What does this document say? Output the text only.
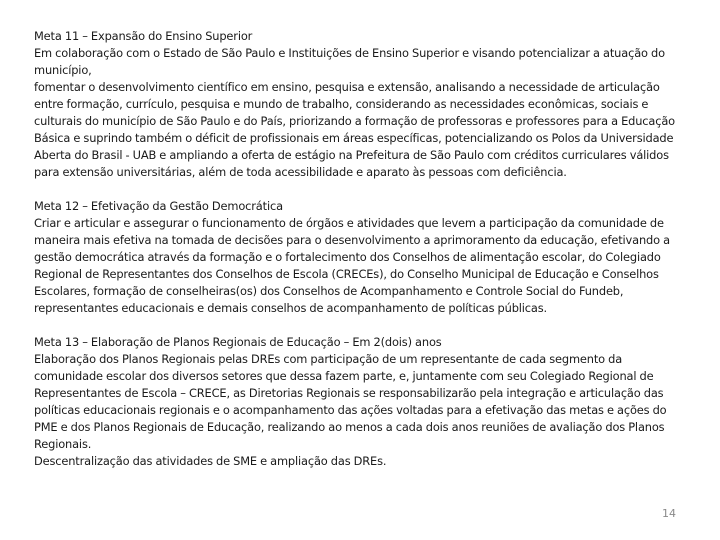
Meta 11 – Expansão do Ensino Superior

Em colaboração com o Estado de São Paulo e Instituições de Ensino Superior e visando potencializar a atuação do município,

fomentar o desenvolvimento científico em ensino, pesquisa e extensão, analisando a necessidade de articulação entre formação, currículo, pesquisa e mundo de trabalho, considerando as necessidades econômicas, sociais e culturais do município de São Paulo e do País, priorizando a formação de professoras e professores para a Educação Básica e suprindo também o déficit de profissionais em áreas específicas, potencializando os Polos da Universidade Aberta do Brasil - UAB e ampliando a oferta de estágio na Prefeitura de São Paulo com créditos curriculares válidos para extensão universitárias, além de toda acessibilidade e aparato às pessoas com deficiência.

Meta 12 – Efetivação da Gestão Democrática

Criar e articular e assegurar o funcionamento de órgãos e atividades que levem a participação da comunidade de maneira mais efetiva na tomada de decisões para o desenvolvimento a aprimoramento da educação, efetivando a gestão democrática através da formação e o fortalecimento dos Conselhos de alimentação escolar, do Colegiado Regional de Representantes dos Conselhos de Escola (CRECEs), do Conselho Municipal de Educação e Conselhos Escolares, formação de conselheiras(os) dos Conselhos de Acompanhamento e Controle Social do Fundeb, representantes educacionais e demais conselhos de acompanhamento de políticas públicas.

Meta 13 – Elaboração de Planos Regionais de Educação – Em 2(dois) anos

Elaboração dos Planos Regionais pelas DREs com participação de um representante de cada segmento da comunidade escolar dos diversos setores que dessa fazem parte, e, juntamente com seu Colegiado Regional de Representantes de Escola – CRECE, as Diretorias Regionais se responsabilizarão pela integração e articulação das políticas educacionais regionais e o acompanhamento das ações voltadas para a efetivação das metas e ações do PME e dos Planos Regionais de Educação, realizando ao menos a cada dois anos reuniões de avaliação dos Planos Regionais.

Descentralização das atividades de SME e ampliação das DREs.

14
